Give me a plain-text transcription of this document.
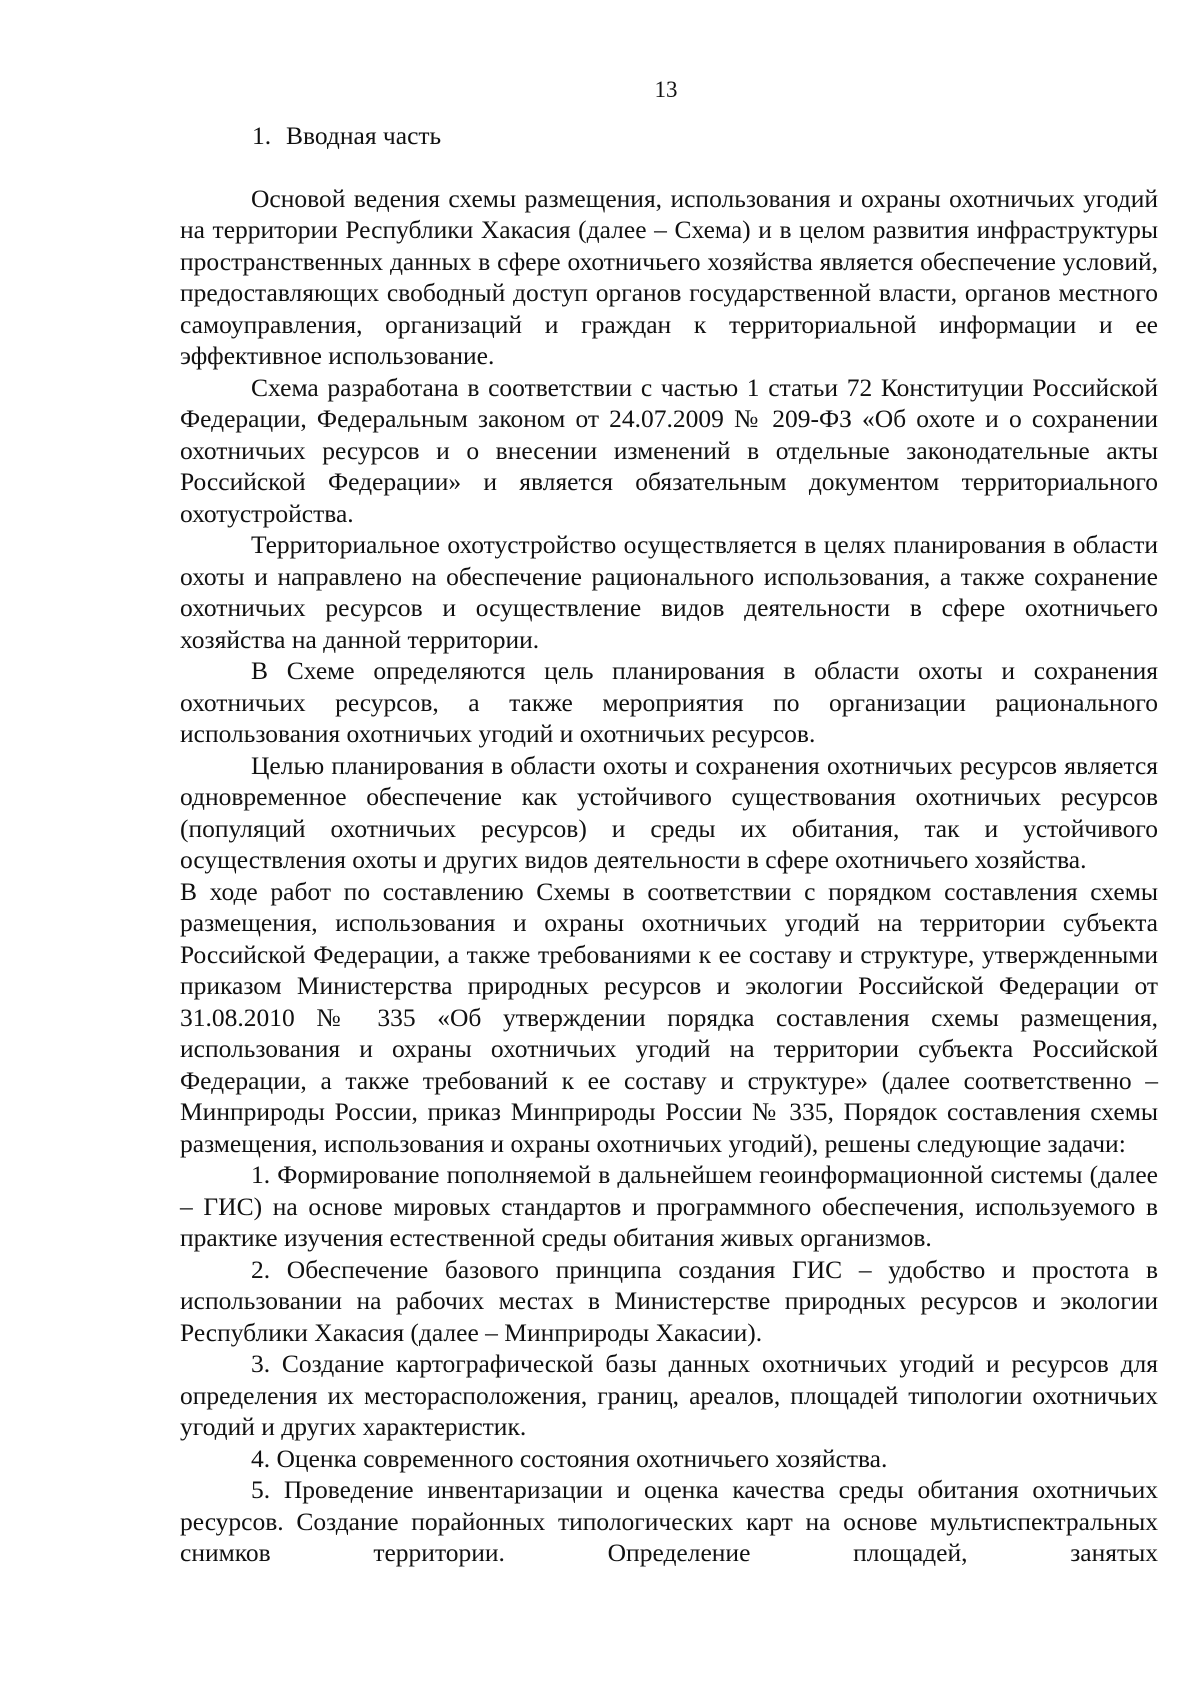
13
1. Вводная часть

Основой ведения схемы размещения, использования и охраны охотничьих угодий на территории Республики Хакасия (далее – Схема) и в целом развития инфраструктуры пространственных данных в сфере охотничьего хозяйства является обеспечение условий, предоставляющих свободный доступ органов государственной власти, органов местного самоуправления, организаций и граждан к территориальной информации и ее эффективное использование.

Схема разработана в соответствии с частью 1 статьи 72 Конституции Российской Федерации, Федеральным законом от 24.07.2009 № 209-ФЗ «Об охоте и о сохранении охотничьих ресурсов и о внесении изменений в отдельные законодательные акты Российской Федерации» и является обязательным документом территориального охотустройства.

Территориальное охотустройство осуществляется в целях планирования в области охоты и направлено на обеспечение рационального использования, а также сохранение охотничьих ресурсов и осуществление видов деятельности в сфере охотничьего хозяйства на данной территории.

В Схеме определяются цель планирования в области охоты и сохранения охотничьих ресурсов, а также мероприятия по организации рационального использования охотничьих угодий и охотничьих ресурсов.

Целью планирования в области охоты и сохранения охотничьих ресурсов является одновременное обеспечение как устойчивого существования охотничьих ресурсов (популяций охотничьих ресурсов) и среды их обитания, так и устойчивого осуществления охоты и других видов деятельности в сфере охотничьего хозяйства.

В ходе работ по составлению Схемы в соответствии с порядком составления схемы размещения, использования и охраны охотничьих угодий на территории субъекта Российской Федерации, а также требованиями к ее составу и структуре, утвержденными приказом Министерства природных ресурсов и экологии Российской Федерации от 31.08.2010 № 335 «Об утверждении порядка составления схемы размещения, использования и охраны охотничьих угодий на территории субъекта Российской Федерации, а также требований к ее составу и структуре» (далее соответственно – Минприроды России, приказ Минприроды России № 335, Порядок составления схемы размещения, использования и охраны охотничьих угодий), решены следующие задачи:

1. Формирование пополняемой в дальнейшем геоинформационной системы (далее – ГИС) на основе мировых стандартов и программного обеспечения, используемого в практике изучения естественной среды обитания живых организмов.

2. Обеспечение базового принципа создания ГИС – удобство и простота в использовании на рабочих местах в Министерстве природных ресурсов и экологии Республики Хакасия (далее – Минприроды Хакасии).

3. Создание картографической базы данных охотничьих угодий и ресурсов для определения их месторасположения, границ, ареалов, площадей типологии охотничьих угодий и других характеристик.

4. Оценка современного состояния охотничьего хозяйства.

5. Проведение инвентаризации и оценка качества среды обитания охотничьих ресурсов. Создание порайонных типологических карт на основе мультиспектральных снимков территории. Определение площадей, занятых
